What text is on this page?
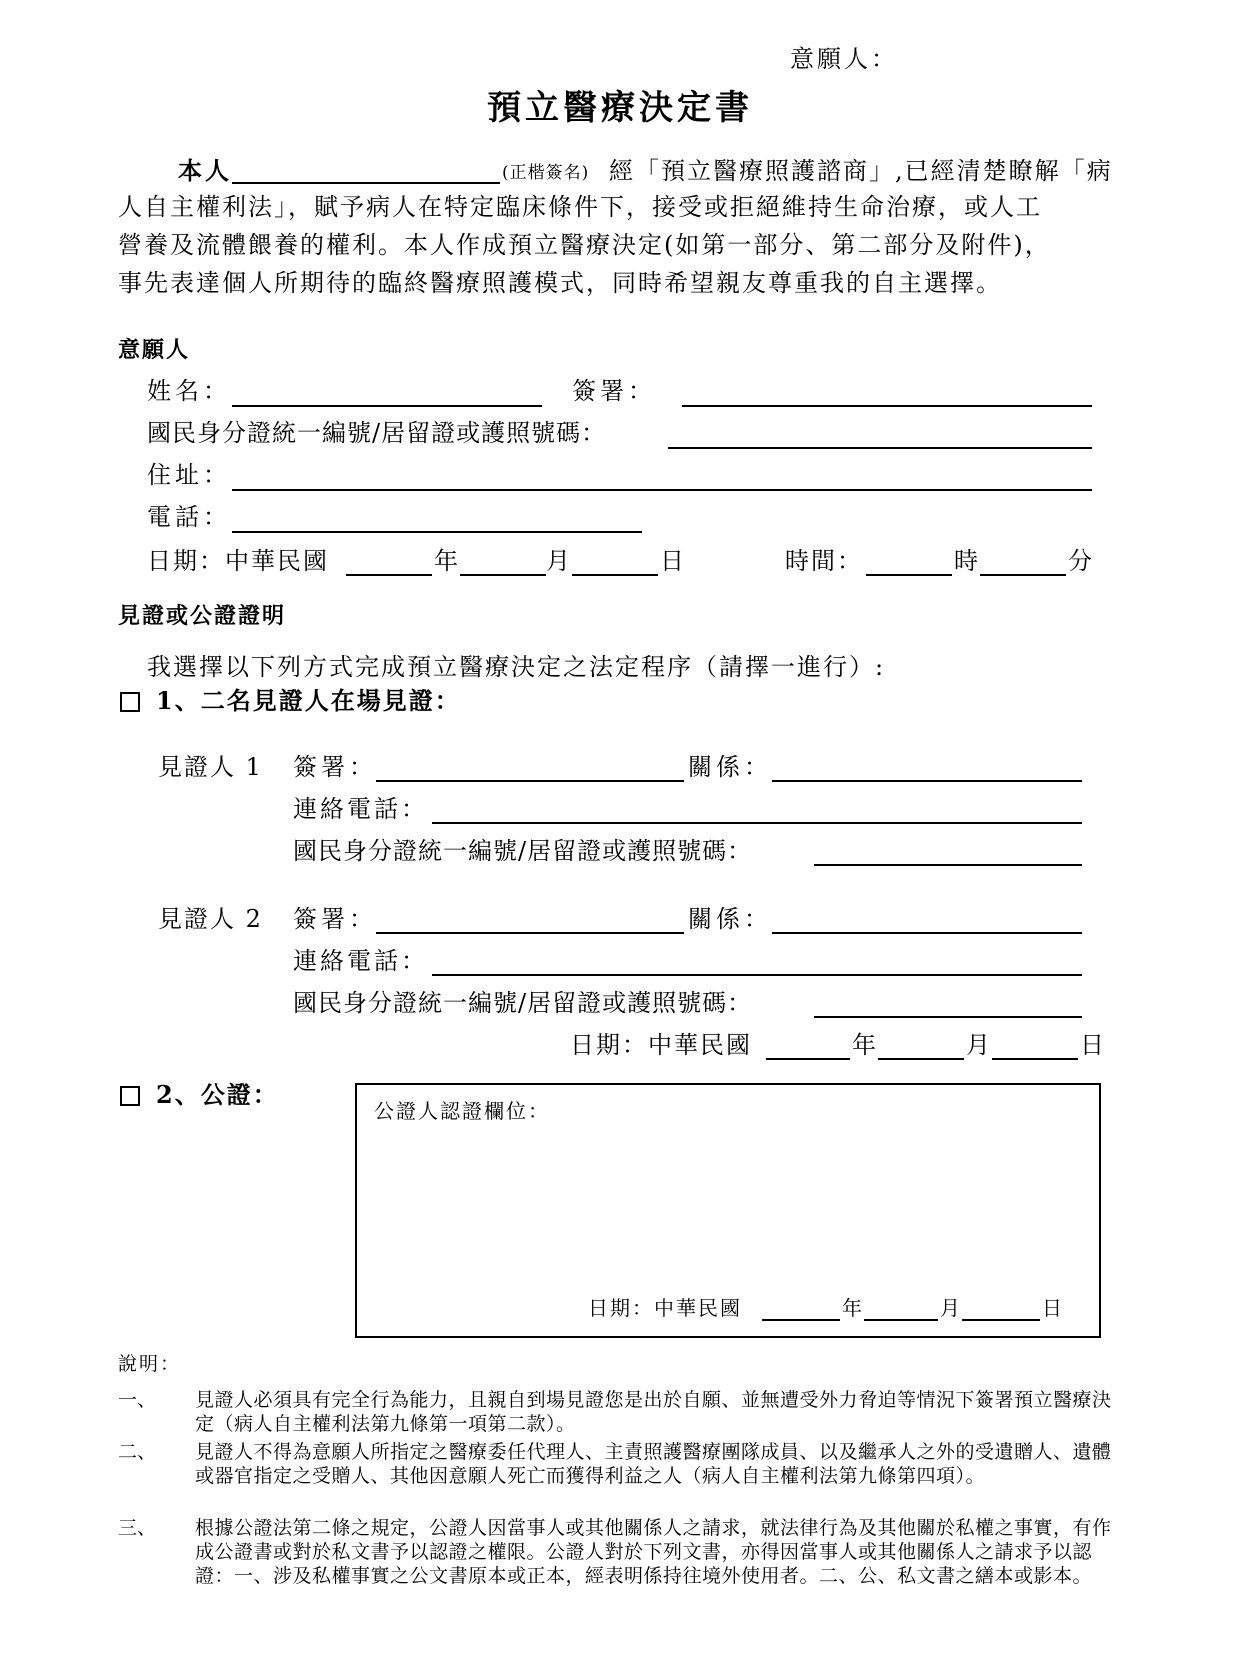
意願人：
預立醫療決定書
本人	(正楷簽名) 經「預立醫療照護諮商」,已經清楚瞭解「病
人自主權利法」，賦予病人在特定臨床條件下，接受或拒絕維持生命治療，或人工
營養及流體餵養的權利。本人作成預立醫療決定(如第一部分、第二部分及附件)，
事先表達個人所期待的臨終醫療照護模式，同時希望親友尊重我的自主選擇。
意願人
姓名：	簽署：
國民身分證統一編號/居留證或護照號碼：
住址：
電話：
日期：中華民國	年	月	日	時間：	時	分
見證或公證證明
我選擇以下列方式完成預立醫療決定之法定程序（請擇一進行）:
1、二名見證人在場見證：
見證人 1 簽署：	關係：
連絡電話：
國民身分證統一編號/居留證或護照號碼：
見證人 2 簽署：	關係：
連絡電話：
國民身分證統一編號/居留證或護照號碼：
日期：中華民國	年	月	日
2、公證：
公證人認證欄位：
日期：中華民國	年	月	日
說明：
一、 見證人必須具有完全行為能力，且親自到場見證您是出於自願、並無遭受外力脅迫等情況下簽署預立醫療決定（病人自主權利法第九條第一項第二款）。
二、 見證人不得為意願人所指定之醫療委任代理人、主責照護醫療團隊成員、以及繼承人之外的受遺贈人、遺體或器官指定之受贈人、其他因意願人死亡而獲得利益之人（病人自主權利法第九條第四項）。
三、 根據公證法第二條之規定，公證人因當事人或其他關係人之請求，就法律行為及其他關於私權之事實，有作成公證書或對於私文書予以認證之權限。公證人對於下列文書，亦得因當事人或其他關係人之請求予以認證：一、涉及私權事實之公文書原本或正本，經表明係持往境外使用者。二、公、私文書之繕本或影本。
